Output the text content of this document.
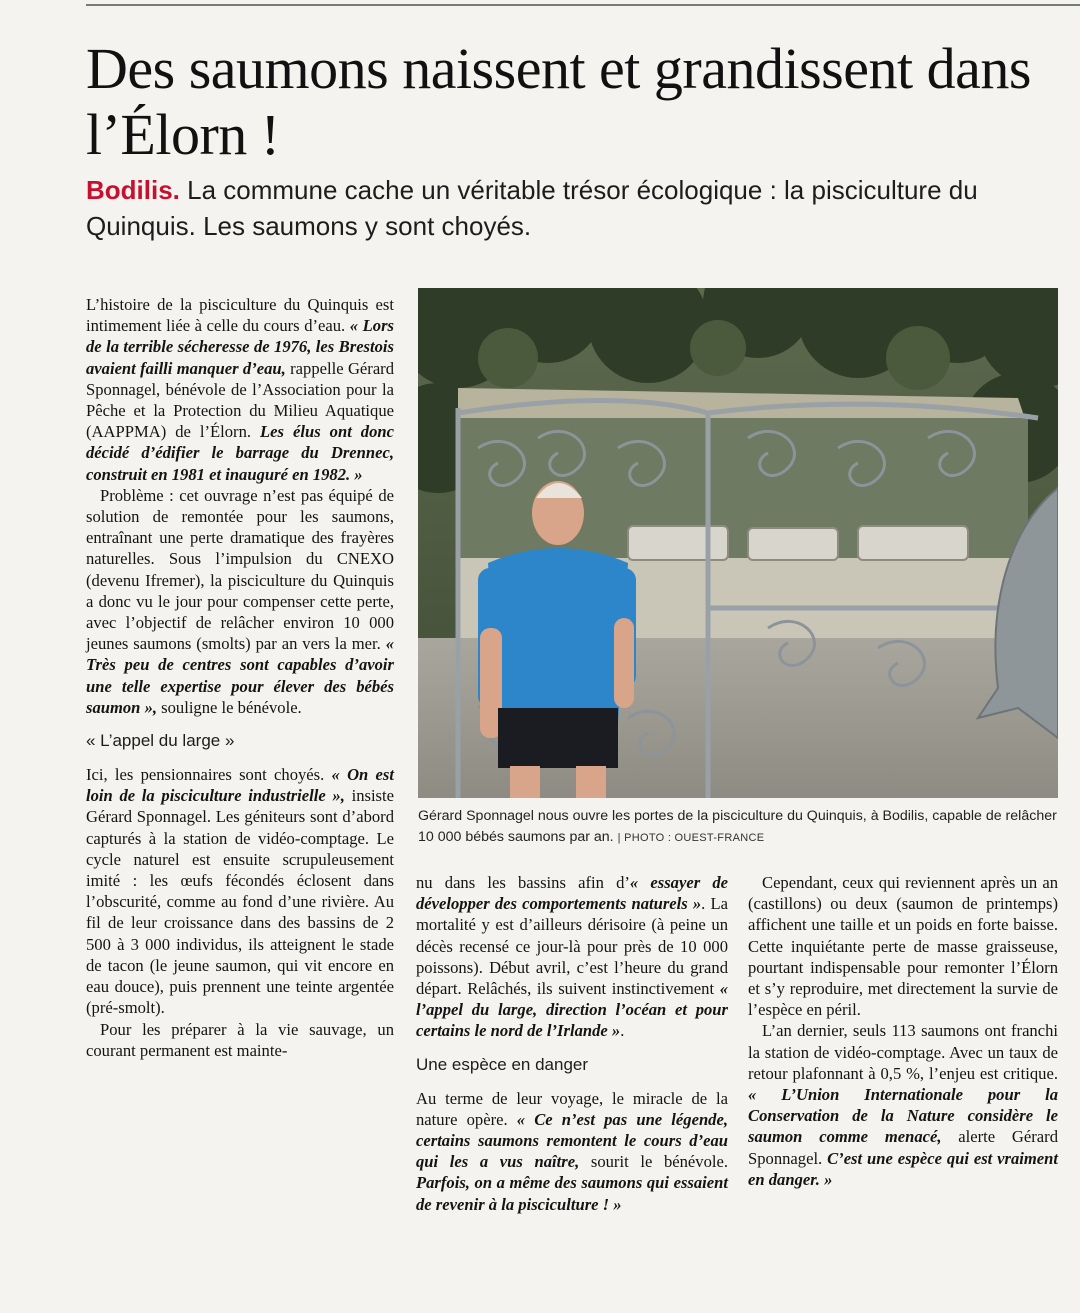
Des saumons naissent et grandissent dans l’Élorn !

Bodilis. La commune cache un véritable trésor écologique : la pisciculture du Quinquis. Les saumons y sont choyés.

L’histoire de la pisciculture du Quinquis est intimement liée à celle du cours d’eau. « Lors de la terrible sécheresse de 1976, les Brestois avaient failli manquer d’eau, rappelle Gérard Sponnagel, bénévole de l’Association pour la Pêche et la Protection du Milieu Aquatique (AAPPMA) de l’Élorn. Les élus ont donc décidé d’édifier le barrage du Drennec, construit en 1981 et inauguré en 1982. »

Problème : cet ouvrage n’est pas équipé de solution de remontée pour les saumons, entraînant une perte dramatique des frayères naturelles. Sous l’impulsion du CNEXO (devenu Ifremer), la pisciculture du Quinquis a donc vu le jour pour compenser cette perte, avec l’objectif de relâcher environ 10 000 jeunes saumons (smolts) par an vers la mer. « Très peu de centres sont capables d’avoir une telle expertise pour élever des bébés saumon », souligne le bénévole.

« L’appel du large »

Ici, les pensionnaires sont choyés. « On est loin de la pisciculture industrielle », insiste Gérard Sponnagel. Les géniteurs sont d’abord capturés à la station de vidéo-comptage. Le cycle naturel est ensuite scrupuleusement imité : les œufs fécondés éclosent dans l’obscurité, comme au fond d’une rivière. Au fil de leur croissance dans des bassins de 2 500 à 3 000 individus, ils atteignent le stade de tacon (le jeune saumon, qui vit encore en eau douce), puis prennent une teinte argentée (pré-smolt).

Pour les préparer à la vie sauvage, un courant permanent est mainte-

Gérard Sponnagel nous ouvre les portes de la pisciculture du Quinquis, à Bodilis, capable de relâcher 10 000 bébés saumons par an. | PHOTO : OUEST-FRANCE

nu dans les bassins afin d’« essayer de développer des comportements naturels ». La mortalité y est d’ailleurs dérisoire (à peine un décès recensé ce jour-là pour près de 10 000 poissons). Début avril, c’est l’heure du grand départ. Relâchés, ils suivent instinctivement « l’appel du large, direction l’océan et pour certains le nord de l’Irlande ».

Une espèce en danger

Au terme de leur voyage, le miracle de la nature opère. « Ce n’est pas une légende, certains saumons remontent le cours d’eau qui les a vus naître, sourit le bénévole. Parfois, on a même des saumons qui essaient de revenir à la pisciculture ! »

Cependant, ceux qui reviennent après un an (castillons) ou deux (saumon de printemps) affichent une taille et un poids en forte baisse. Cette inquiétante perte de masse graisseuse, pourtant indispensable pour remonter l’Élorn et s’y reproduire, met directement la survie de l’espèce en péril.

L’an dernier, seuls 113 saumons ont franchi la station de vidéo-comptage. Avec un taux de retour plafonnant à 0,5 %, l’enjeu est critique. « L’Union Internationale pour la Conservation de la Nature considère le saumon comme menacé, alerte Gérard Sponnagel. C’est une espèce qui est vraiment en danger. »
